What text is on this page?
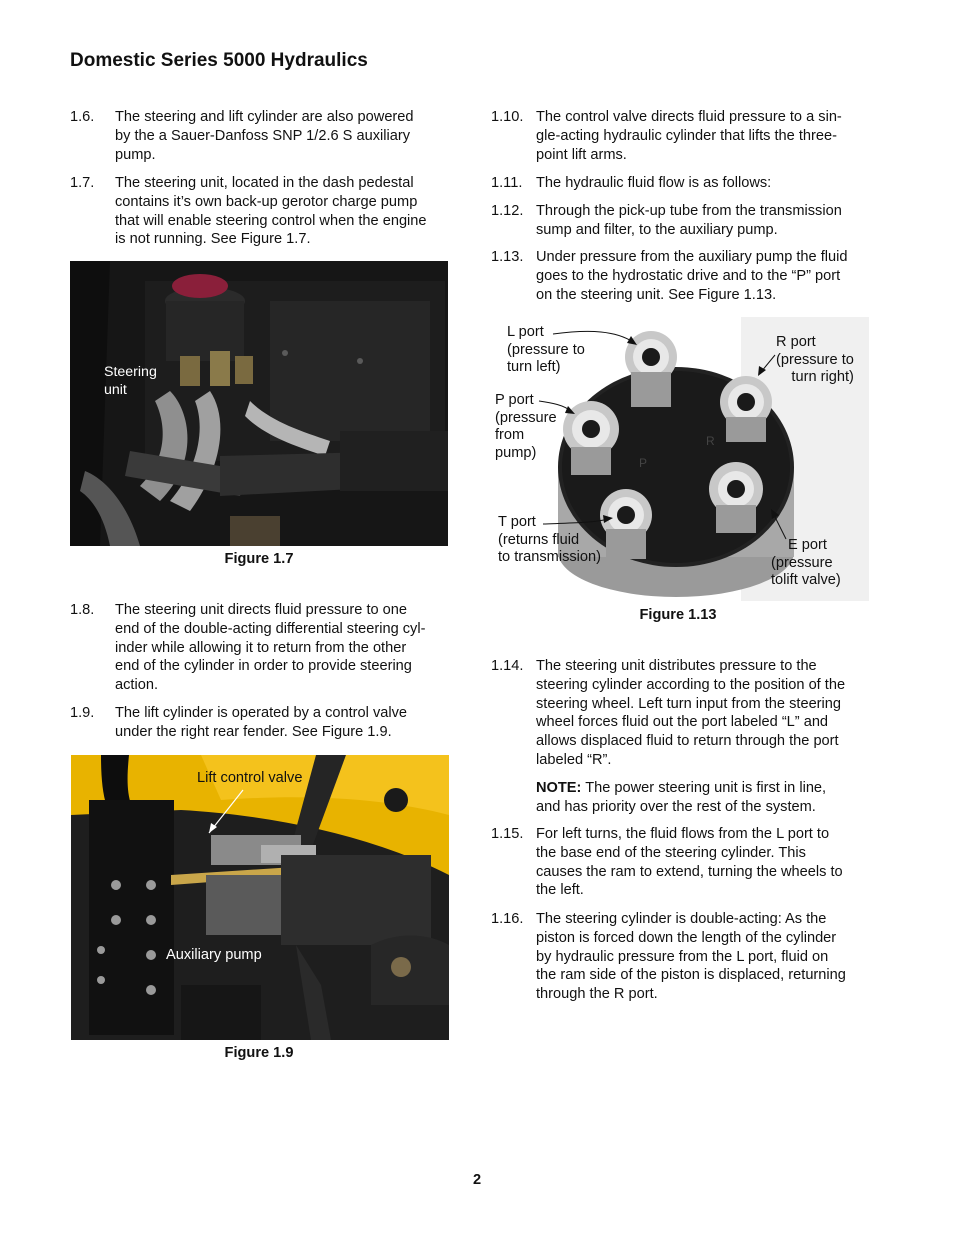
Domestic Series 5000 Hydraulics
1.6. The steering and lift cylinder are also powered
by the a Sauer-Danfoss SNP 1/2.6 S auxiliary
pump.
1.7. The steering unit, located in the dash pedestal
contains it’s own back-up gerotor charge pump
that will enable steering control when the engine
is not running. See Figure 1.7.
Steering
unit
Figure 1.7
1.8. The steering unit directs fluid pressure to one
end of the double-acting differential steering cyl-
inder while allowing it to return from the other
end of the cylinder in order to provide steering
action.
1.9. The lift cylinder is operated by a control valve
under the right rear fender. See Figure 1.9.
Lift control valve
Auxiliary pump
Figure 1.9
1.10. The control valve directs fluid pressure to a sin-
gle-acting hydraulic cylinder that lifts the three-
point lift arms.
1.11. The hydraulic fluid flow is as follows:
1.12. Through the pick-up tube from the transmission
sump and filter, to the auxiliary pump.
1.13. Under pressure from the auxiliary pump the fluid
goes to the hydrostatic drive and to the “P” port
on the steering unit. See Figure 1.13.
R
P
L port
(pressure to
turn left)
R port
(pressure to
turn right)
P port
(pressure
from
pump)
T port
(returns fluid
to transmission)
E port
(pressure
tolift valve)
Figure 1.13
1.14. The steering unit distributes pressure to the
steering cylinder according to the position of the
steering wheel. Left turn input from the steering
wheel forces fluid out the port labeled “L” and
allows displaced fluid to return through the port
labeled “R”.
NOTE: The power steering unit is first in line,
and has priority over the rest of the system.
1.15. For left turns, the fluid flows from the L port to
the base end of the steering cylinder. This
causes the ram to extend, turning the wheels to
the left.
1.16. The steering cylinder is double-acting: As the
piston is forced down the length of the cylinder
by hydraulic pressure from the L port, fluid on
the ram side of the piston is displaced, returning
through the R port.
2
